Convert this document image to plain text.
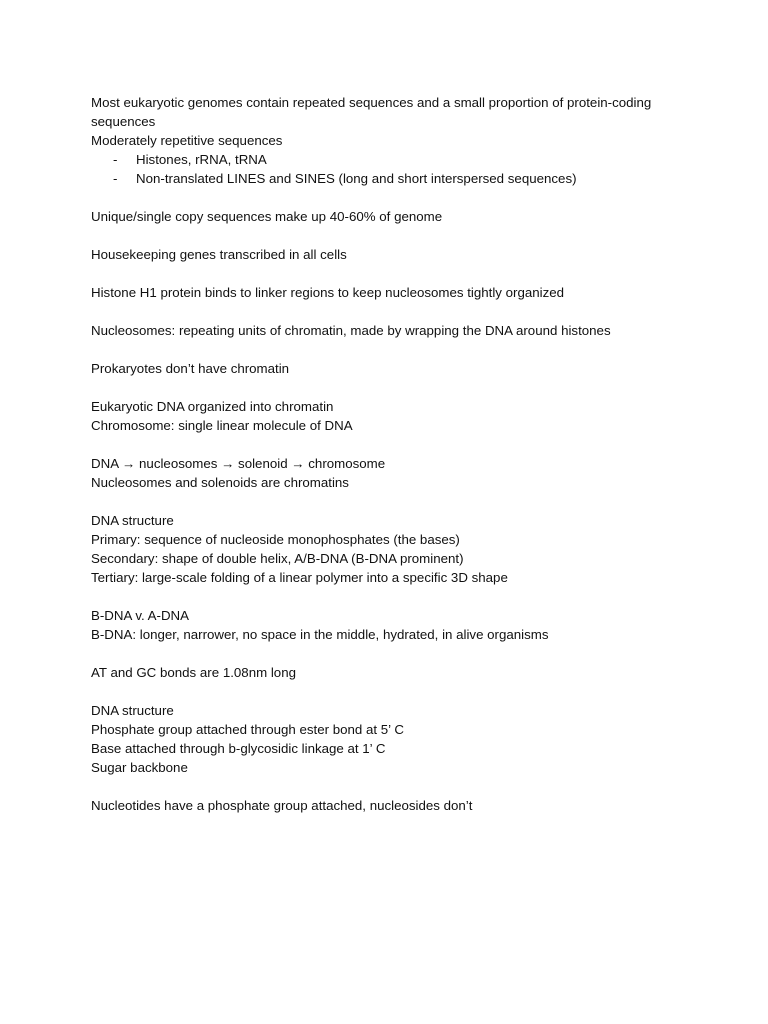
Most eukaryotic genomes contain repeated sequences and a small proportion of protein-coding

sequences

Moderately repetitive sequences

- Histones, rRNA, tRNA
- Non-translated LINES and SINES (long and short interspersed sequences)

Unique/single copy sequences make up 40-60% of genome

Housekeeping genes transcribed in all cells

Histone H1 protein binds to linker regions to keep nucleosomes tightly organized

Nucleosomes: repeating units of chromatin, made by wrapping the DNA around histones

Prokaryotes don’t have chromatin

Eukaryotic DNA organized into chromatin

Chromosome: single linear molecule of DNA

DNA → nucleosomes → solenoid → chromosome

Nucleosomes and solenoids are chromatins

DNA structure

Primary: sequence of nucleoside monophosphates (the bases)

Secondary: shape of double helix, A/B-DNA (B-DNA prominent)

Tertiary: large-scale folding of a linear polymer into a specific 3D shape

B-DNA v. A-DNA

B-DNA: longer, narrower, no space in the middle, hydrated, in alive organisms

AT and GC bonds are 1.08nm long

DNA structure

Phosphate group attached through ester bond at 5’ C

Base attached through b-glycosidic linkage at 1’ C

Sugar backbone

Nucleotides have a phosphate group attached, nucleosides don’t
